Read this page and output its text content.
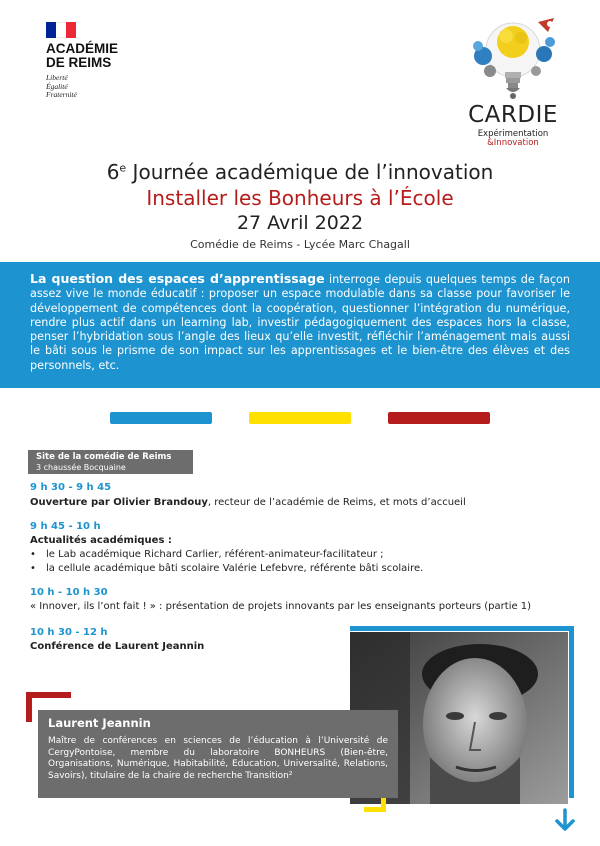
ACADÉMIE
DE REIMS
Liberté
Égalité
Fraternité
CARDIE
Expérimentation
&Innovation
6e Journée académique de l’innovation
Installer les Bonheurs à l’École
27 Avril 2022
Comédie de Reims - Lycée Marc Chagall

La question des espaces d’apprentissage interroge depuis quelques temps de façon assez vive le monde éducatif : proposer un espace modulable dans sa classe pour favoriser le développement de compétences dont la coopération, questionner l’intégration du numérique, rendre plus actif dans un learning lab, investir pédagogiquement des espaces hors la classe, penser l’hybridation sous l’angle des lieux qu’elle investit, réfléchir l’aménagement mais aussi le bâti sous le prisme de son impact sur les apprentissages et le bien-être des élèves et des personnels, etc.

Site de la comédie de Reims
3 chaussée Bocquaine
9 h 30 - 9 h 45
Ouverture par Olivier Brandouy, recteur de l’académie de Reims, et mots d’accueil
9 h 45 - 10 h
Actualités académiques :
• le Lab académique Richard Carlier, référent-animateur-facilitateur ;
• la cellule académique bâti scolaire Valérie Lefebvre, référente bâti scolaire.
10 h - 10 h 30
« Innover, ils l’ont fait ! » : présentation de projets innovants par les enseignants porteurs (partie 1)
10 h 30 - 12 h
Conférence de Laurent Jeannin
Laurent Jeannin
Maître de conférences en sciences de l’éducation à l’Université de CergyPontoise, membre du laboratoire BONHEURS (Bien-être, Organisations, Numérique, Habitabilité, Education, Universalité, Relations, Savoirs), titulaire de la chaire de recherche Transition²
